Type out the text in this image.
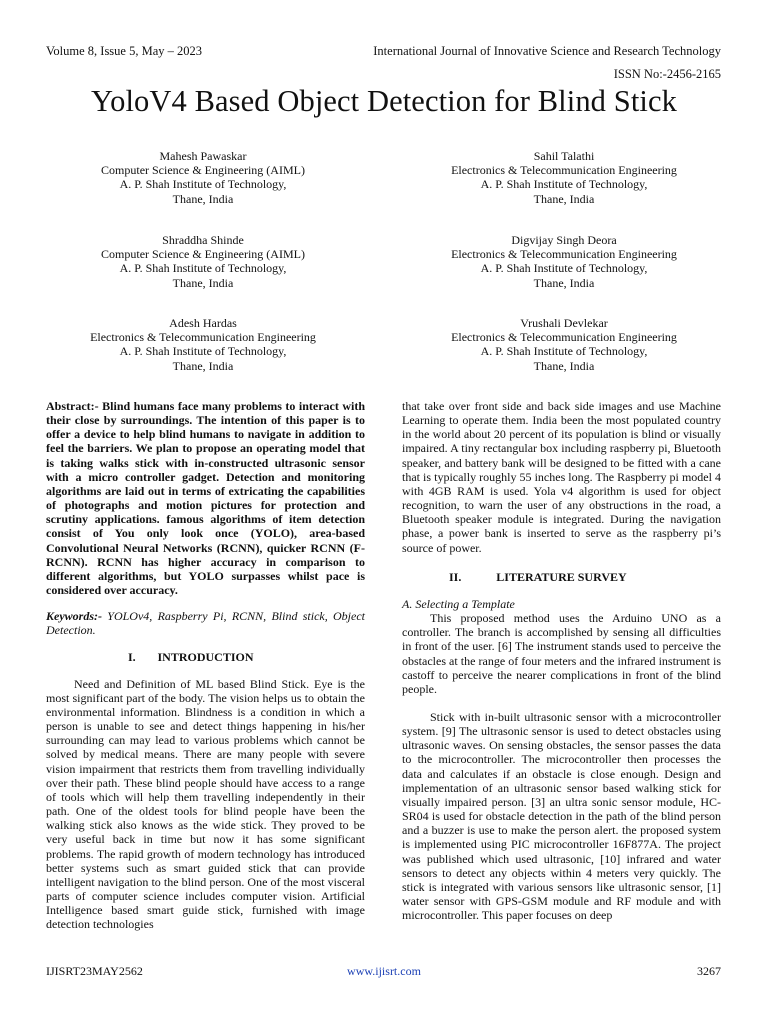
Volume 8, Issue 5, May – 2023	International Journal of Innovative Science and Research Technology
ISSN No:-2456-2165
YoloV4 Based Object Detection for Blind Stick
Mahesh Pawaskar
Computer Science & Engineering (AIML)
A. P. Shah Institute of Technology,
Thane, India
Sahil Talathi
Electronics & Telecommunication Engineering
A. P. Shah Institute of Technology,
Thane, India
Shraddha Shinde
Computer Science & Engineering (AIML)
A. P. Shah Institute of Technology,
Thane, India
Digvijay Singh Deora
Electronics & Telecommunication Engineering
A. P. Shah Institute of Technology,
Thane, India
Adesh Hardas
Electronics & Telecommunication Engineering
A. P. Shah Institute of Technology,
Thane, India
Vrushali Devlekar
Electronics & Telecommunication Engineering
A. P. Shah Institute of Technology,
Thane, India

Abstract:- Blind humans face many problems to interact with their close by surroundings. The intention of this paper is to offer a device to help blind humans to navigate in addition to feel the barriers. We plan to propose an operating model that is taking walks stick with in-constructed ultrasonic sensor with a micro controller gadget. Detection and monitoring algorithms are laid out in terms of extricating the capabilities of photographs and motion pictures for protection and scrutiny applications. famous algorithms of item detection consist of You only look once (YOLO), area-based Convolutional Neural Networks (RCNN), quicker RCNN (F-RCNN). RCNN has higher accuracy in comparison to different algorithms, but YOLO surpasses whilst pace is considered over accuracy.

Keywords:- YOLOv4, Raspberry Pi, RCNN, Blind stick, Object Detection.

I. INTRODUCTION

Need and Definition of ML based Blind Stick. Eye is the most significant part of the body. The vision helps us to obtain the environmental information. Blindness is a condition in which a person is unable to see and detect things happening in his/her surrounding can may lead to various problems which cannot be solved by medical means. There are many people with severe vision impairment that restricts them from travelling individually over their path. These blind people should have access to a range of tools which will help them travelling independently in their path. One of the oldest tools for blind people have been the walking stick also knows as the wide stick. They proved to be very useful back in time but now it has some significant problems. The rapid growth of modern technology has introduced better systems such as smart guided stick that can provide intelligent navigation to the blind person. One of the most visceral parts of computer science includes computer vision. Artificial Intelligence based smart guide stick, furnished with image detection technologies

that take over front side and back side images and use Machine Learning to operate them. India been the most populated country in the world about 20 percent of its population is blind or visually impaired. A tiny rectangular box including raspberry pi, Bluetooth speaker, and battery bank will be designed to be fitted with a cane that is typically roughly 55 inches long. The Raspberry pi model 4 with 4GB RAM is used. Yola v4 algorithm is used for object recognition, to warn the user of any obstructions in the road, a Bluetooth speaker module is integrated. During the navigation phase, a power bank is inserted to serve as the raspberry pi’s source of power.

II.	LITERATURE SURVEY

A. Selecting a Template

This proposed method uses the Arduino UNO as a controller. The branch is accomplished by sensing all difficulties in front of the user. [6] The instrument stands used to perceive the obstacles at the range of four meters and the infrared instrument is castoff to perceive the nearer complications in front of the blind people.

Stick with in-built ultrasonic sensor with a microcontroller system. [9] The ultrasonic sensor is used to detect obstacles using ultrasonic waves. On sensing obstacles, the sensor passes the data to the microcontroller. The microcontroller then processes the data and calculates if an obstacle is close enough. Design and implementation of an ultrasonic sensor based walking stick for visually impaired person. [3] an ultra sonic sensor module, HC-SR04 is used for obstacle detection in the path of the blind person and a buzzer is use to make the person alert. the proposed system is implemented using PIC microcontroller 16F877A. The project was published which used ultrasonic, [10] infrared and water sensors to detect any objects within 4 meters very quickly. The stick is integrated with various sensors like ultrasonic sensor, [1] water sensor with GPS-GSM module and RF module and with microcontroller. This paper focuses on deep

IJISRT23MAY2562	www.ijisrt.com	3267
